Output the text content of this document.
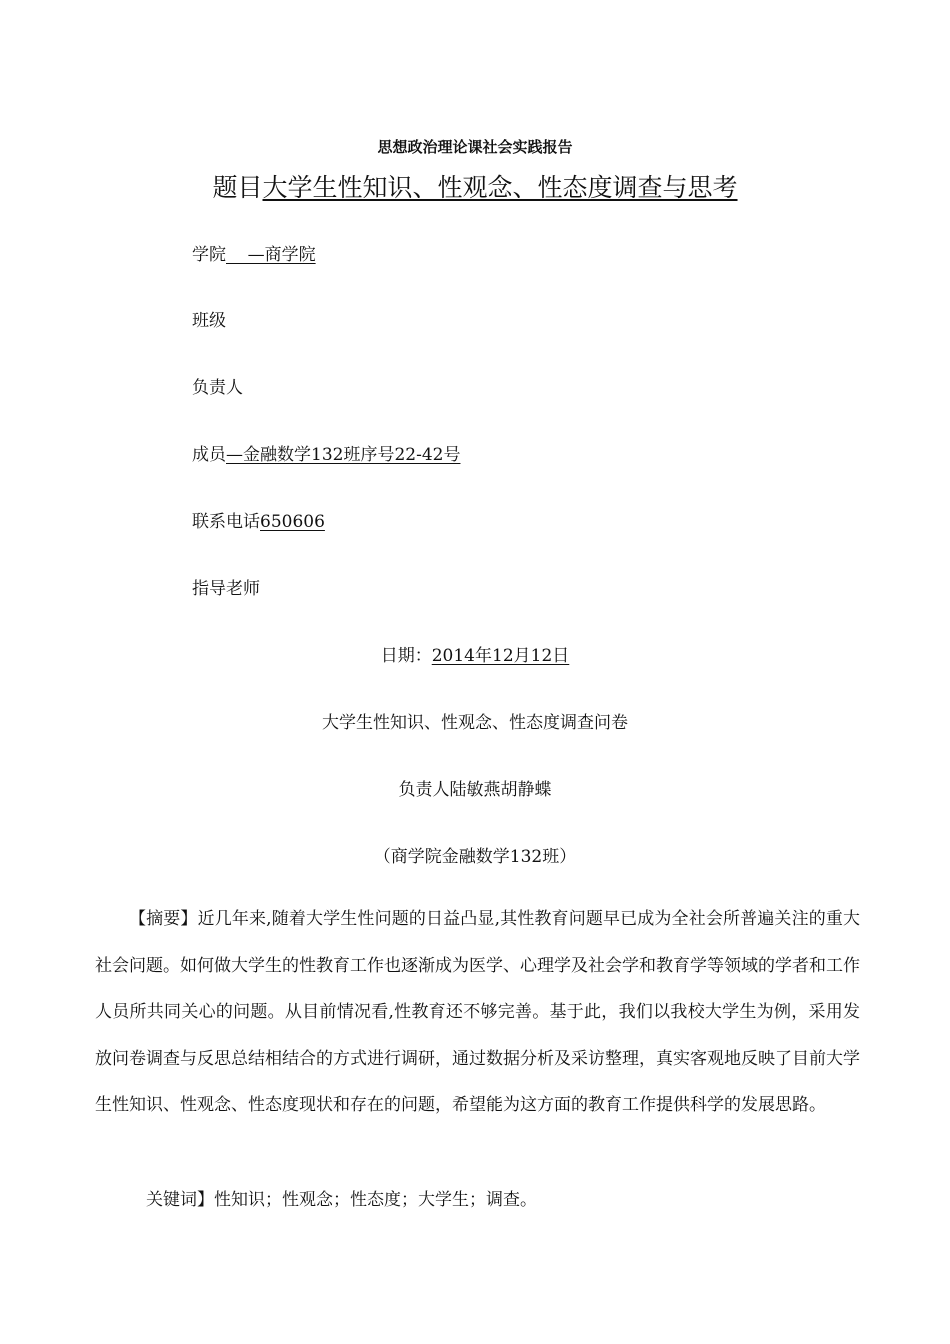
思想政治理论课社会实践报告
题目大学生性知识、性观念、性态度调查与思考
学院    —商学院
班级
负责人
成员—金融数学132班序号22-42号
联系电话650606
指导老师
日期：2014年12月12日
大学生性知识、性观念、性态度调查问卷
负责人陆敏燕胡静蝶
（商学院金融数学132班）
【摘要】近几年来,随着大学生性问题的日益凸显,其性教育问题早已成为全社会所普遍关注的重大社会问题。如何做大学生的性教育工作也逐渐成为医学、心理学及社会学和教育学等领域的学者和工作人员所共同关心的问题。从目前情况看,性教育还不够完善。基于此，我们以我校大学生为例，采用发放问卷调查与反思总结相结合的方式进行调研，通过数据分析及采访整理，真实客观地反映了目前大学生性知识、性观念、性态度现状和存在的问题，希望能为这方面的教育工作提供科学的发展思路。
关键词】性知识；性观念；性态度；大学生；调查。
